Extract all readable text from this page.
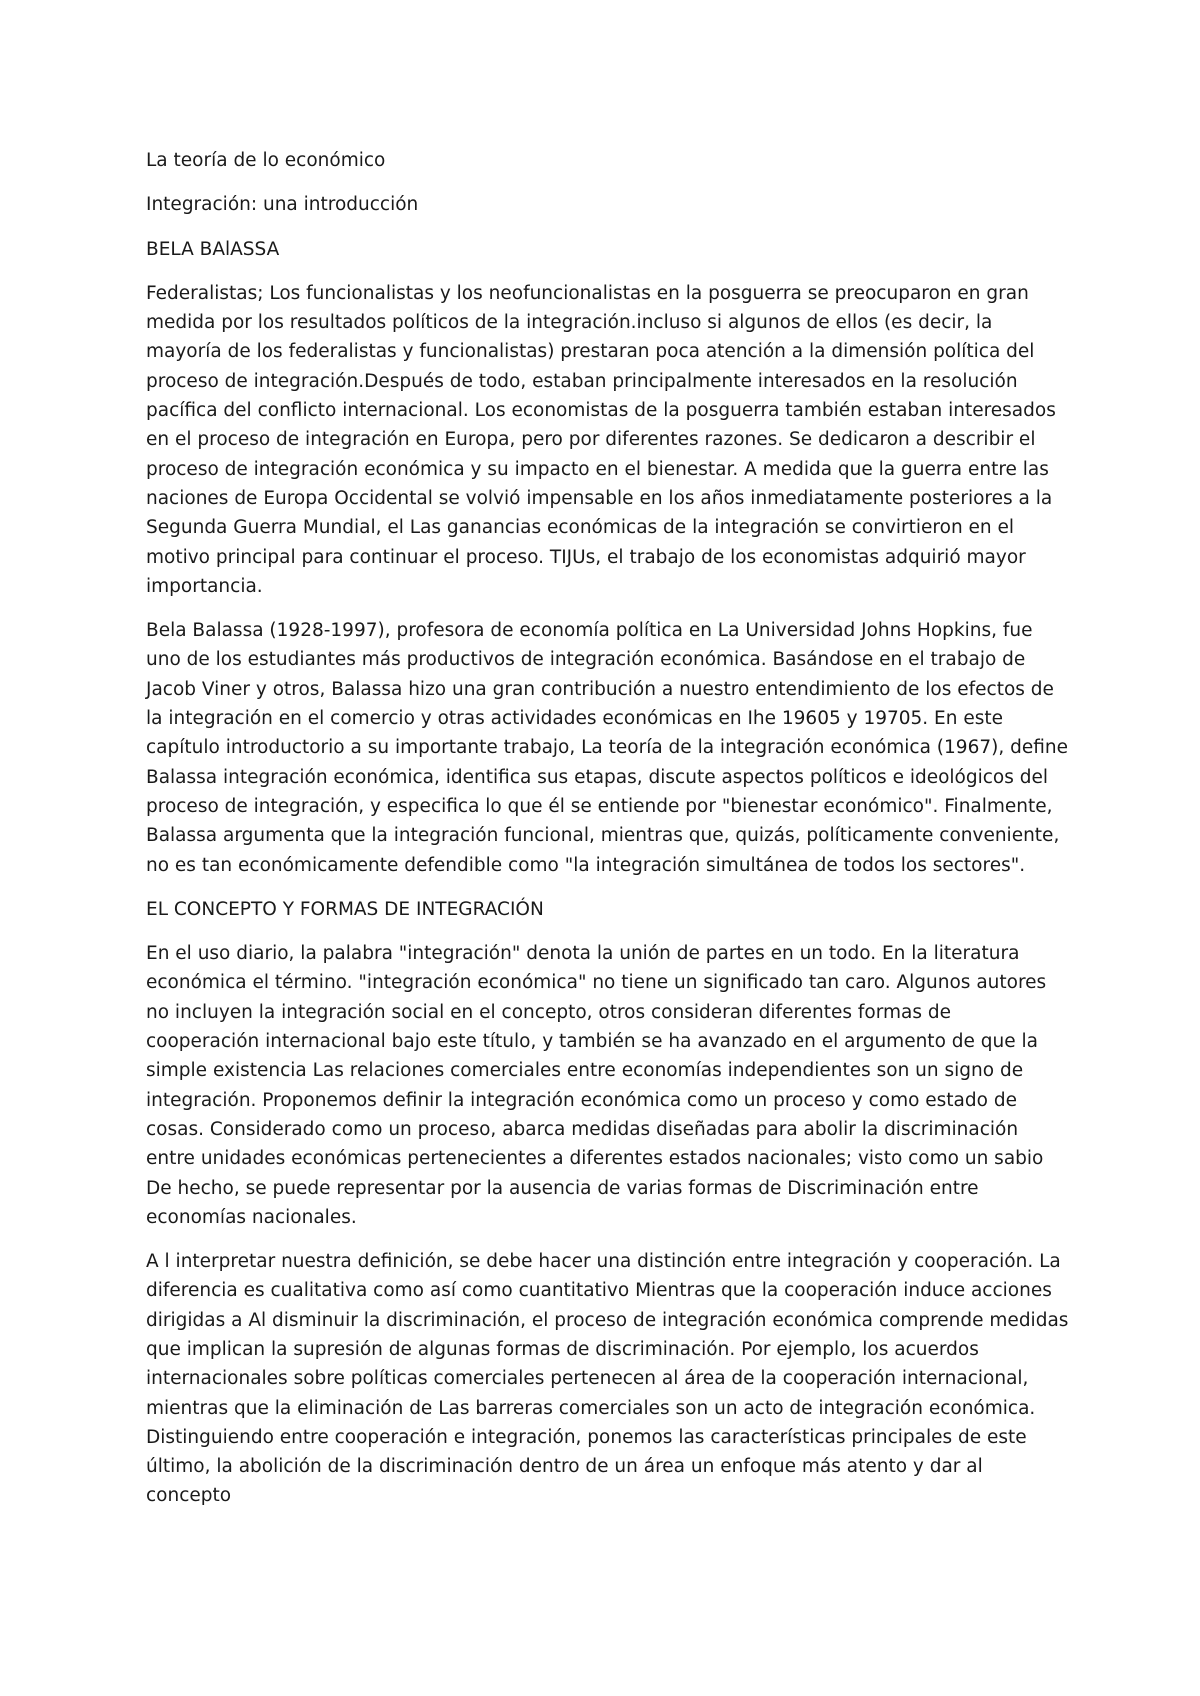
La teoría de lo económico

Integración: una introducción

BELA BAlASSA

Federalistas; Los funcionalistas y los neofuncionalistas en la posguerra se preocuparon en gran medida por los resultados políticos de la integración.incluso si algunos de ellos (es decir, la mayoría de los federalistas y funcionalistas) prestaran poca atención a la dimensión política del proceso de integración.Después de todo, estaban principalmente interesados en la resolución pacífica del conflicto internacional. Los economistas de la posguerra también estaban interesados en el proceso de integración en Europa, pero por diferentes razones. Se dedicaron a describir el proceso de integración económica y su impacto en el bienestar. A medida que la guerra entre las naciones de Europa Occidental se volvió impensable en los años inmediatamente posteriores a la Segunda Guerra Mundial, el Las ganancias económicas de la integración se convirtieron en el motivo principal para continuar el proceso. TIJUs, el trabajo de los economistas adquirió mayor importancia.

Bela Balassa (1928-1997), profesora de economía política en La Universidad Johns Hopkins, fue uno de los estudiantes más productivos de integración económica. Basándose en el trabajo de Jacob Viner y otros, Balassa hizo una gran contribución a nuestro entendimiento de los efectos de la integración en el comercio y otras actividades económicas en Ihe 19605 y 19705. En este capítulo introductorio a su importante trabajo, La teoría de la integración económica (1967), define Balassa integración económica, identifica sus etapas, discute aspectos políticos e ideológicos del proceso de integración, y especifica lo que él se entiende por "bienestar económico". Finalmente, Balassa argumenta que la integración funcional, mientras que, quizás, políticamente conveniente, no es tan económicamente defendible como "la integración simultánea de todos los sectores".

EL CONCEPTO Y FORMAS DE INTEGRACIÓN

En el uso diario, la palabra "integración" denota la unión de partes en un todo. En la literatura económica el término. "integración económica" no tiene un significado tan caro. Algunos autores no incluyen la integración social en el concepto, otros consideran diferentes formas de cooperación internacional bajo este título, y también se ha avanzado en el argumento de que la simple existencia Las relaciones comerciales entre economías independientes son un signo de integración. Proponemos definir la integración económica como un proceso y como estado de cosas. Considerado como un proceso, abarca medidas diseñadas para abolir la discriminación entre unidades económicas pertenecientes a diferentes estados nacionales; visto como un sabio De hecho, se puede representar por la ausencia de varias formas de Discriminación entre economías nacionales.

A l interpretar nuestra definición, se debe hacer una distinción entre integración y cooperación. La diferencia es cualitativa como así como cuantitativo Mientras que la cooperación induce acciones dirigidas a Al disminuir la discriminación, el proceso de integración económica comprende medidas que implican la supresión de algunas formas de discriminación. Por ejemplo, los acuerdos internacionales sobre políticas comerciales pertenecen al área de la cooperación internacional, mientras que la eliminación de Las barreras comerciales son un acto de integración económica. Distinguiendo entre cooperación e integración, ponemos las características principales de este último, la abolición de la discriminación dentro de un área un enfoque más atento y dar al concepto
